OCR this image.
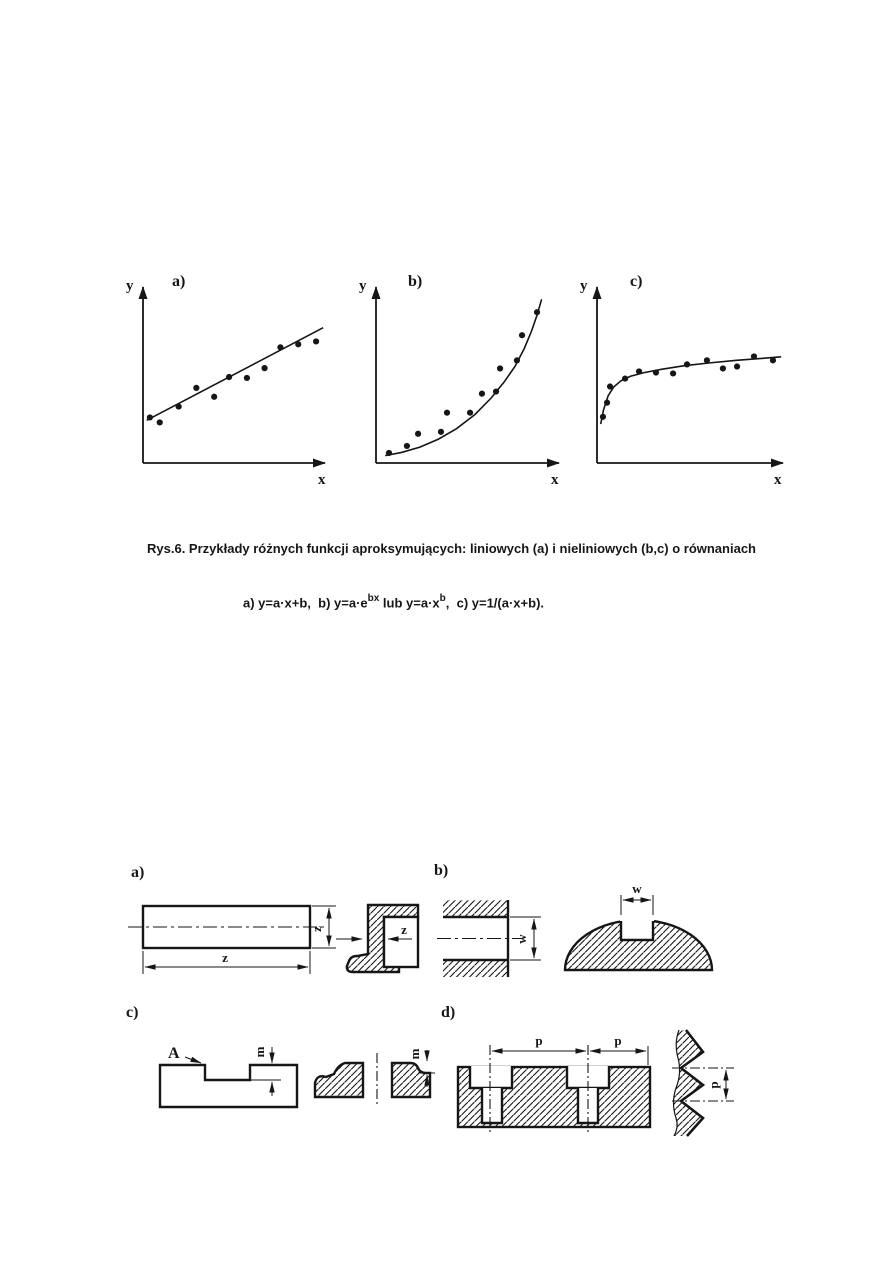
y a)
x
y	b)
x
y	c)
x

Rys.6. Przykłady różnych funkcji aproksymujących: liniowych (a) i nieliniowych (b,c) o równaniach

a) y=a·x+b,  b) $y=a\cdot e^{bx}$ lub $y=a\cdot x^b$,  c) y=1/(a·x+b).

a)
z
z
z
b)
w
w
c)
m
A	m
d)
p	p
p
